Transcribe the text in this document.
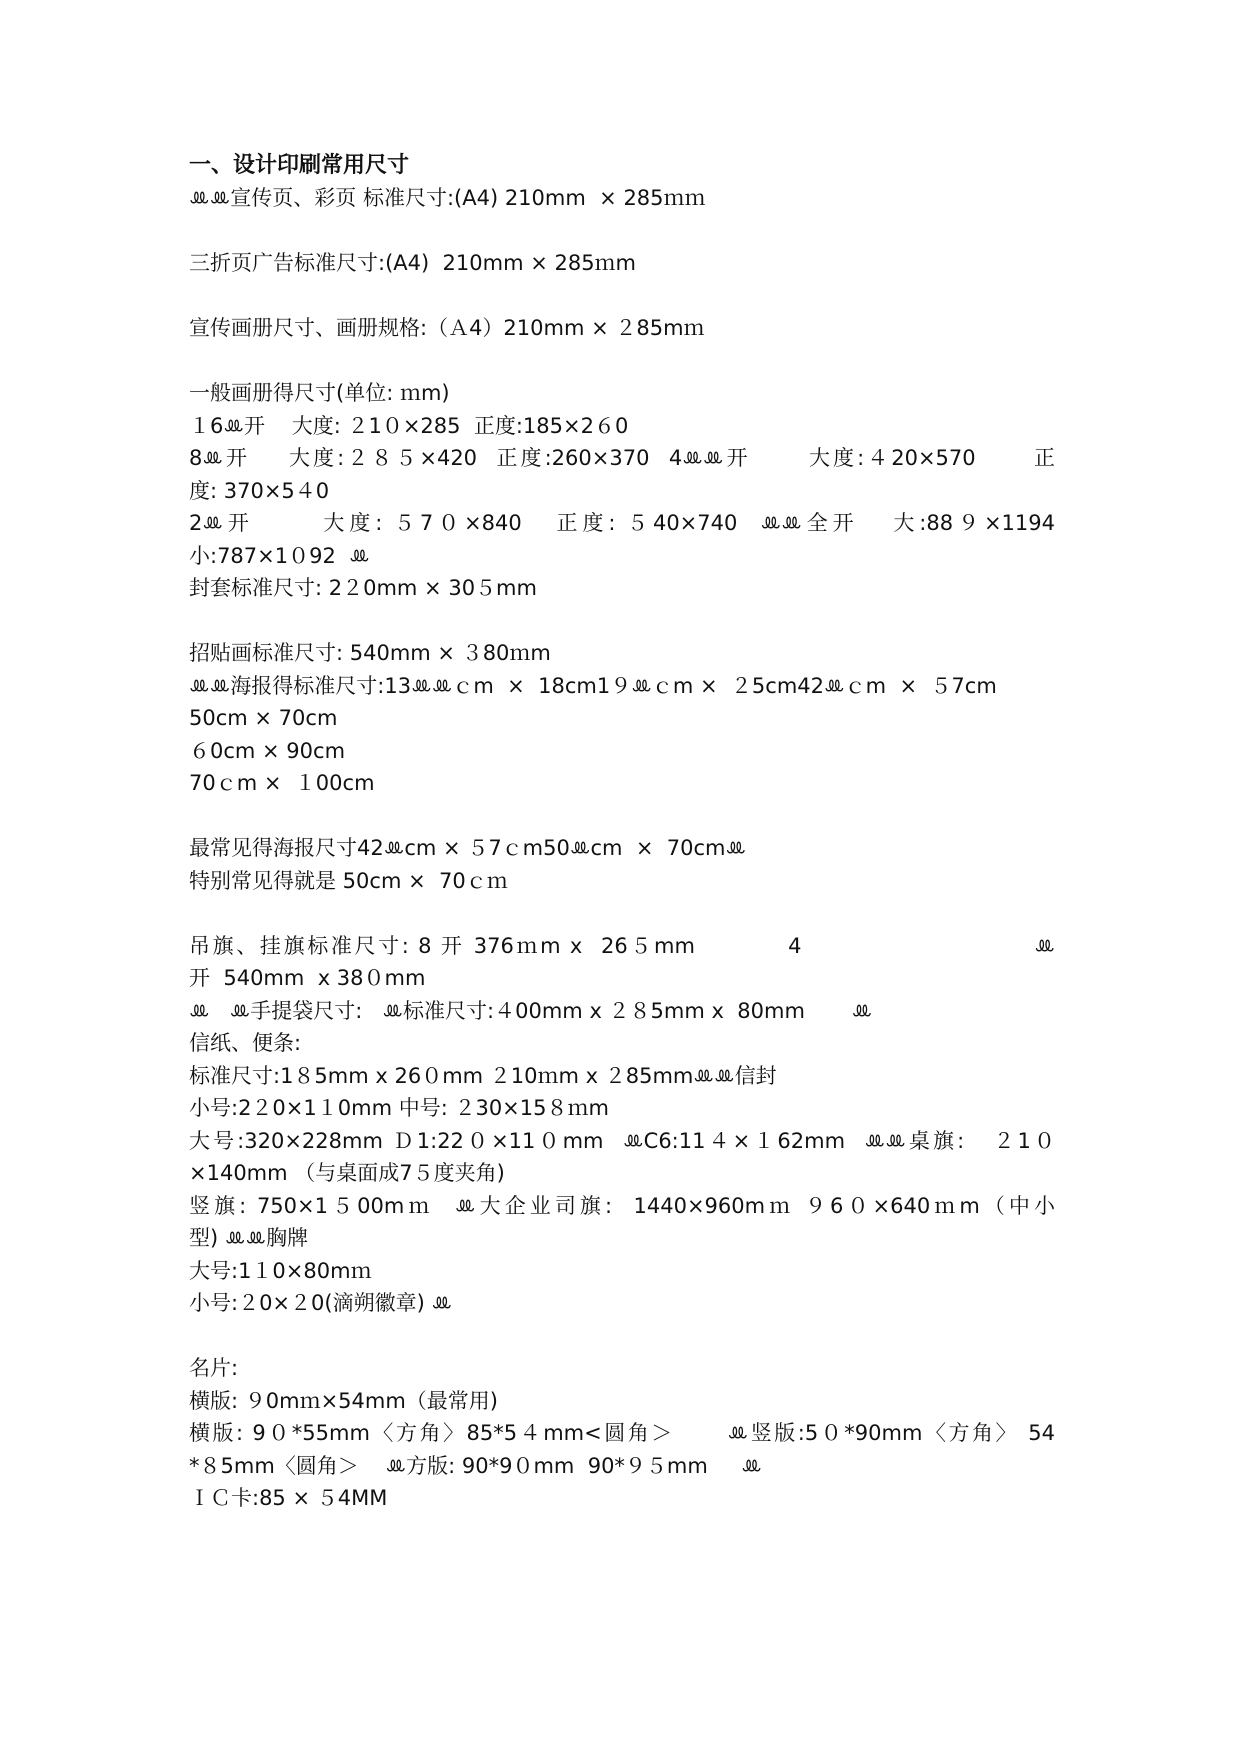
一、设计印刷常用尺寸
ꔛꔛ宣传页、彩页 标准尺寸:(A4) 210mm  × 285ｍｍ
三折页广告标准尺寸:(A4)  210mm × 285ｍm
宣传画册尺寸、画册规格:（Ａ4）210mm × ２85mｍ
一般画册得尺寸(单位: ｍm)
１6ꔛ开    大度: ２1０×285  正度:185×2６0
8ꔛ开    大度:２８５×420  正度:260×370  4ꔛꔛ开      大度:４20×570      正
度: 370×5４0
2ꔛ开      大度: ５7０×840   正度: ５40×740  ꔛꔛ全开   大:88９×1194
小:787×1０92  ꔛ
封套标准尺寸: 2２0mm × 30５mm
招贴画标准尺寸: 540mm × ３80ｍm
ꔛꔛ海报得标准尺寸:13ꔛꔛｃm  ×  18cm1９ꔛｃm ×  ２5cm42ꔛｃm  ×  ５7cm
50cm × 70cm
６0cm × 90cm
70ｃm ×  １00cm
最常见得海报尺寸42ꔛcm × ５7ｃm50ꔛcm  ×  70cmꔛ
特别常见得就是 50cm ×  70ｃｍ
吊旗、挂旗标准尺寸: 8 开 376ｍm x  26５mm          4                         ꔛ
开  540mm  x 38０mm
ꔛ   ꔛ手提袋尺寸:   ꔛ标准尺寸:４00mm x ２８5mm x  80mm       ꔛ
信纸、便条:
标准尺寸:1８5mm x 26０mm ２10ｍm x ２85mmꔛꔛ信封
小号:2２0×1１0mm 中号: ２30×15８ｍm
大号:320×228mm Ｄ1:22０×11０mm  ꔛC6:11４×１62mm  ꔛꔛ桌旗:   ２1０
×140mm （与桌面成7５度夹角)
竖旗: 750×1５00mｍ  ꔛ大企业司旗:  1440×960mｍ ９6０×640ｍm（中小
型) ꔛꔛ胸牌
大号:1１0×80mｍ
小号:２0×２0(滴朔徽章) ꔛ
名片:
横版: ９0mｍ×54mm（最常用)
横版: 9０*55mm〈方角〉85*5４mm<圆角＞      ꔛ竖版:5０*90mm〈方角〉 54
*８5mm〈圆角＞    ꔛ方版: 90*9０mm  90*９５mm     ꔛ
ＩＣ卡:85 × ５4MM
